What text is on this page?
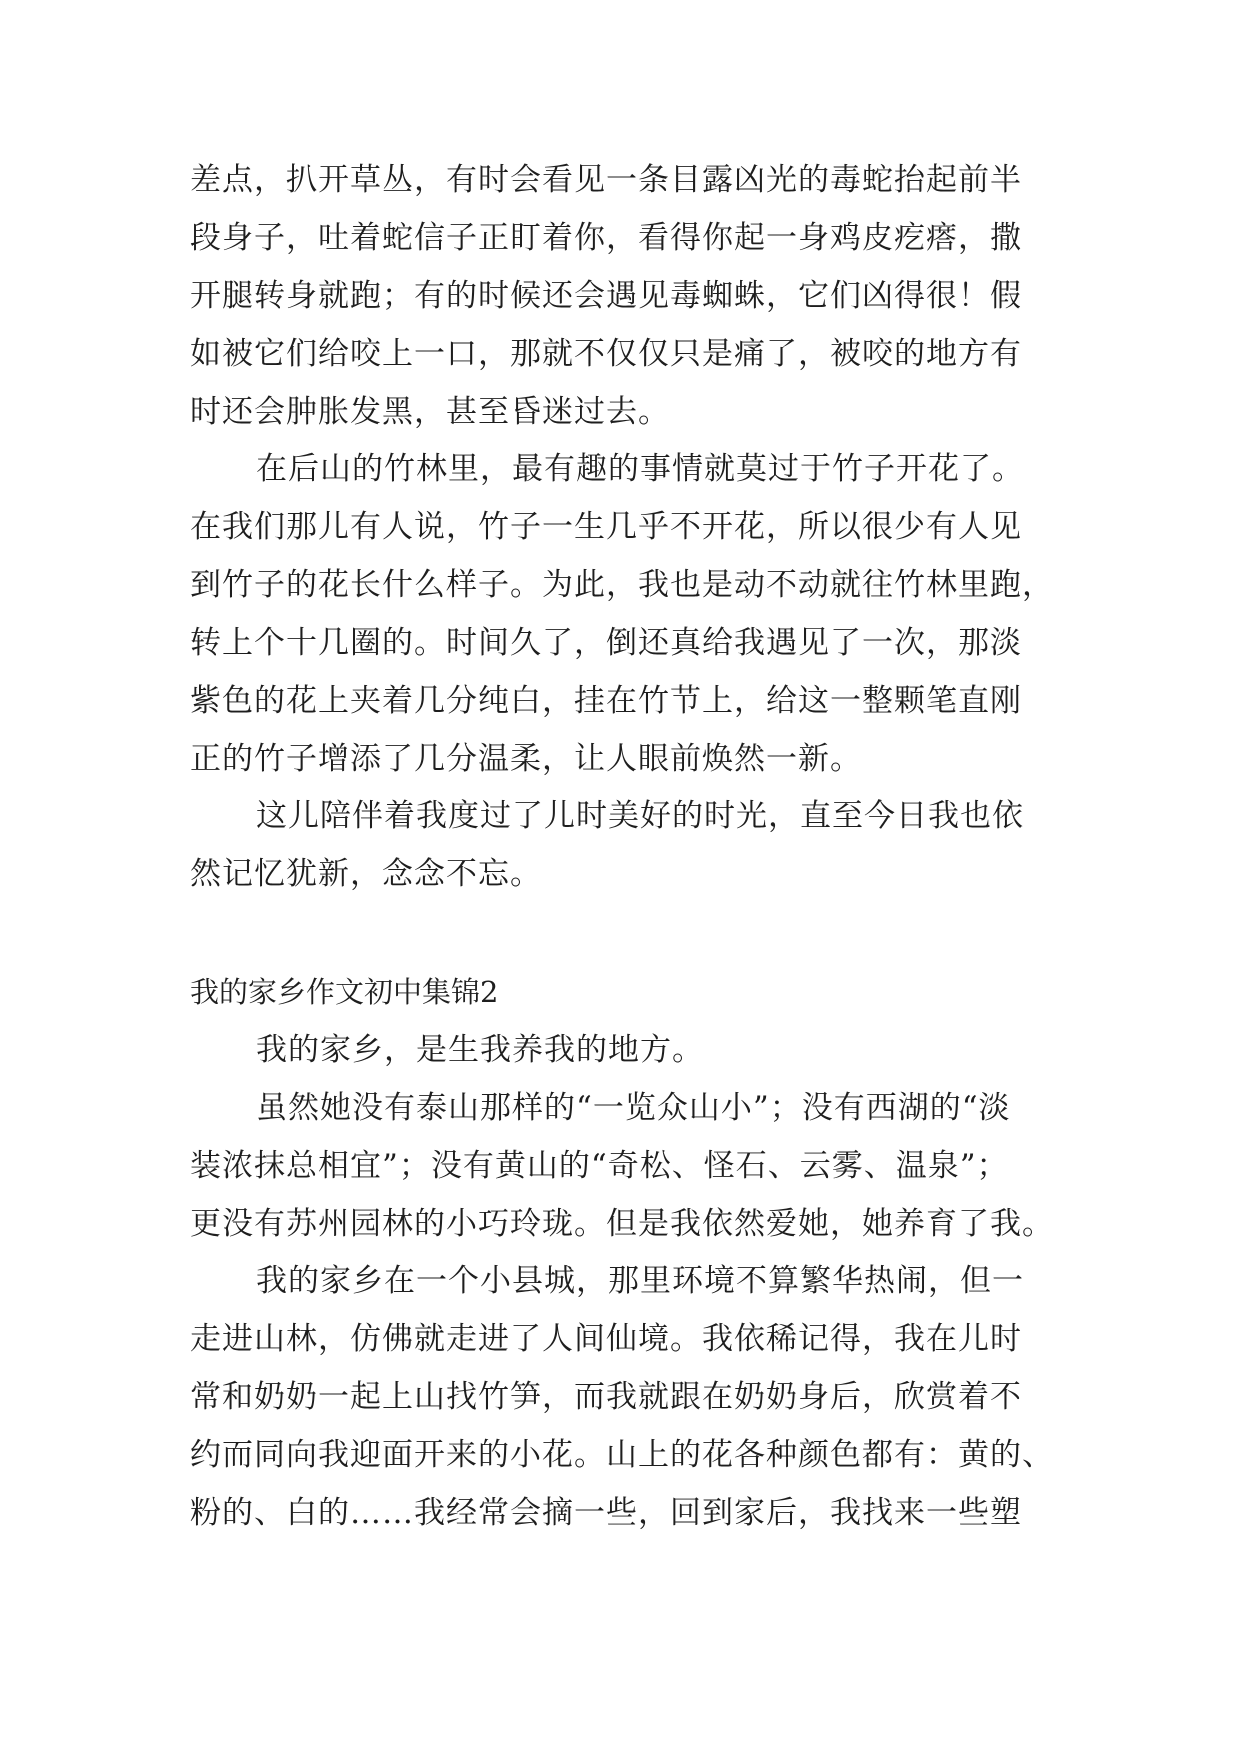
差点，扒开草丛，有时会看见一条目露凶光的毒蛇抬起前半
段身子，吐着蛇信子正盯着你，看得你起一身鸡皮疙瘩，撒
开腿转身就跑；有的时候还会遇见毒蜘蛛，它们凶得很！假
如被它们给咬上一口，那就不仅仅只是痛了，被咬的地方有
时还会肿胀发黑，甚至昏迷过去。
在后山的竹林里，最有趣的事情就莫过于竹子开花了。
在我们那儿有人说，竹子一生几乎不开花，所以很少有人见
到竹子的花长什么样子。为此，我也是动不动就往竹林里跑，
转上个十几圈的。时间久了，倒还真给我遇见了一次，那淡
紫色的花上夹着几分纯白，挂在竹节上，给这一整颗笔直刚
正的竹子增添了几分温柔，让人眼前焕然一新。
这儿陪伴着我度过了儿时美好的时光，直至今日我也依
然记忆犹新，念念不忘。
我的家乡作文初中集锦2
我的家乡，是生我养我的地方。
虽然她没有泰山那样的“一览众山小”；没有西湖的“淡
装浓抹总相宜”；没有黄山的“奇松、怪石、云雾、温泉”；
更没有苏州园林的小巧玲珑。但是我依然爱她，她养育了我。
我的家乡在一个小县城，那里环境不算繁华热闹，但一
走进山林，仿佛就走进了人间仙境。我依稀记得，我在儿时
常和奶奶一起上山找竹笋，而我就跟在奶奶身后，欣赏着不
约而同向我迎面开来的小花。山上的花各种颜色都有：黄的、
粉的、白的……我经常会摘一些，回到家后，我找来一些塑
